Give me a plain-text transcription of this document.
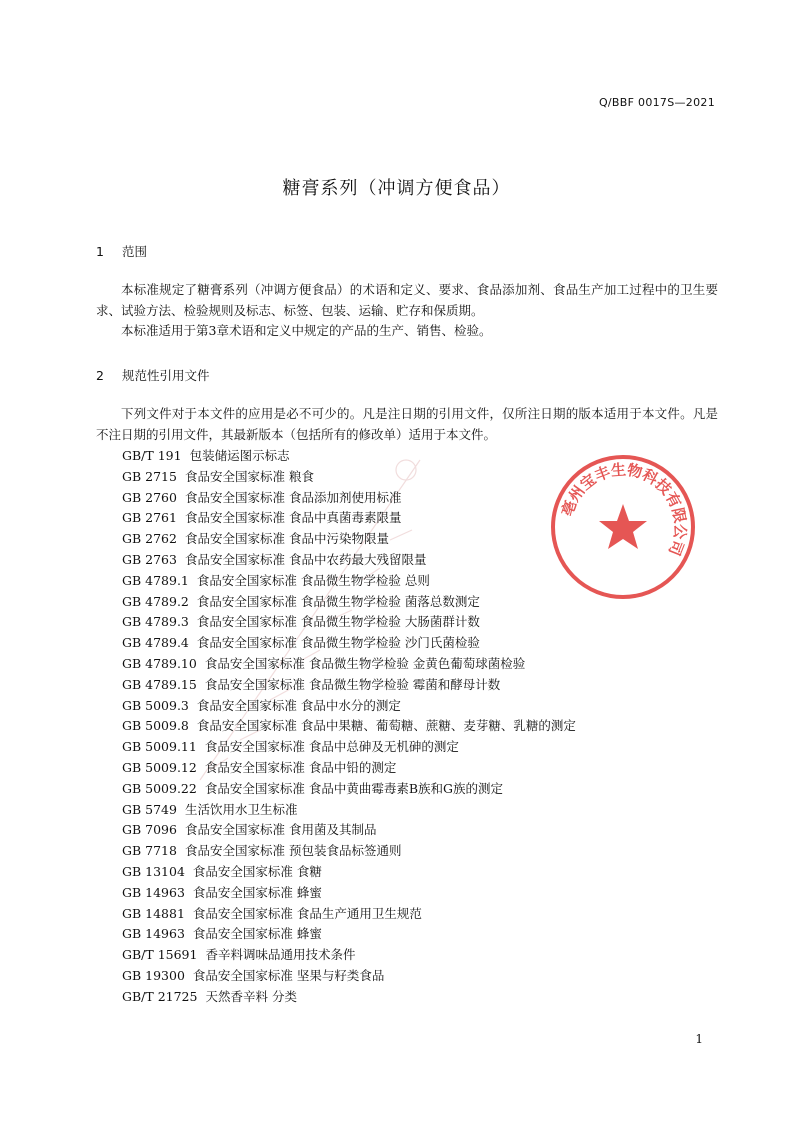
Q/BBF 0017S—2021
糖膏系列（冲调方便食品）
1 范围

本标准规定了糖膏系列（冲调方便食品）的术语和定义、要求、食品添加剂、食品生产加工过程中的卫生要求、试验方法、检验规则及标志、标签、包装、运输、贮存和保质期。

本标准适用于第3章术语和定义中规定的产品的生产、销售、检验。

2 规范性引用文件

下列文件对于本文件的应用是必不可少的。凡是注日期的引用文件，仅所注日期的版本适用于本文件。凡是不注日期的引用文件，其最新版本（包括所有的修改单）适用于本文件。

GB/T 191 包装储运图示标志
GB 2715 食品安全国家标准 粮食
GB 2760 食品安全国家标准 食品添加剂使用标准
GB 2761 食品安全国家标准 食品中真菌毒素限量
GB 2762 食品安全国家标准 食品中污染物限量
GB 2763 食品安全国家标准 食品中农药最大残留限量
GB 4789.1 食品安全国家标准 食品微生物学检验 总则
GB 4789.2 食品安全国家标准 食品微生物学检验 菌落总数测定
GB 4789.3 食品安全国家标准 食品微生物学检验 大肠菌群计数
GB 4789.4 食品安全国家标准 食品微生物学检验 沙门氏菌检验
GB 4789.10 食品安全国家标准 食品微生物学检验 金黄色葡萄球菌检验
GB 4789.15 食品安全国家标准 食品微生物学检验 霉菌和酵母计数
GB 5009.3 食品安全国家标准 食品中水分的测定
GB 5009.8 食品安全国家标准 食品中果糖、葡萄糖、蔗糖、麦芽糖、乳糖的测定
GB 5009.11 食品安全国家标准 食品中总砷及无机砷的测定
GB 5009.12 食品安全国家标准 食品中铅的测定
GB 5009.22 食品安全国家标准 食品中黄曲霉毒素B族和G族的测定
GB 5749 生活饮用水卫生标准
GB 7096 食品安全国家标准 食用菌及其制品
GB 7718 食品安全国家标准 预包装食品标签通则
GB 13104 食品安全国家标准 食糖
GB 14963 食品安全国家标准 蜂蜜
GB 14881 食品安全国家标准 食品生产通用卫生规范
GB 14963 食品安全国家标准 蜂蜜
GB/T 15691 香辛料调味品通用技术条件
GB 19300 食品安全国家标准 坚果与籽类食品
GB/T 21725 天然香辛料 分类
亳州宝丰生物科技有限公司
1
